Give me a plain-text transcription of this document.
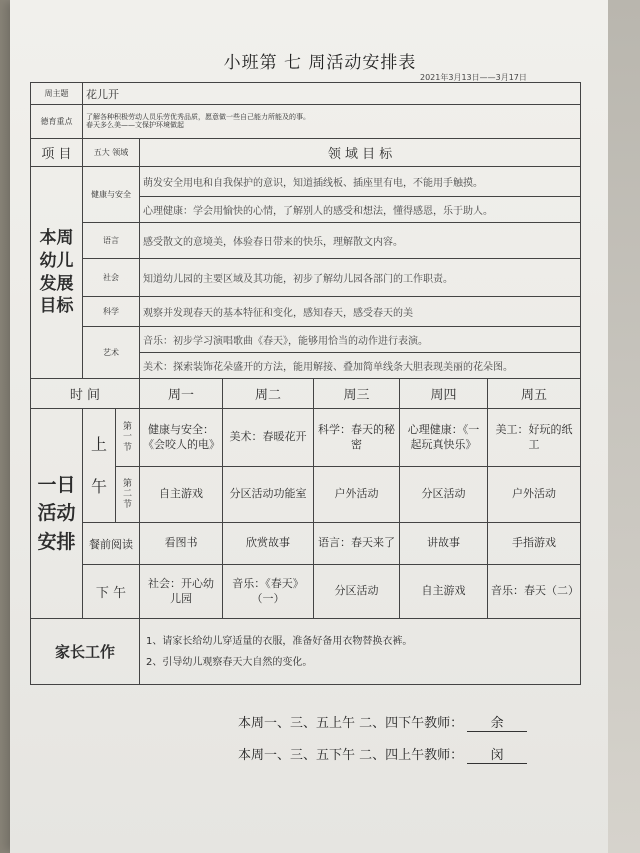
小班第 七 周活动安排表
2021年3月13日——3月17日
周主题	花儿开						
德育重点	了解各种积极劳动人员乐劳优秀品质，愿意做一些自己能力所能及的事。
春天多么美——文保护环境做起						

项 目	五大 领域		领 域 目 标				
本周幼儿发展目标	健康与安全		萌发安全用电和自我保护的意识，知道插线板、插座里有电，不能用手触摸。				
			心理健康：学会用愉快的心情，了解别人的感受和想法，懂得感恩，乐于助人。				
	语言		感受散文的意境美，体验春日带来的快乐，理解散文内容。				
	社会		知道幼儿园的主要区域及其功能，初步了解幼儿园各部门的工作职责。				
	科学		观察并发现春天的基本特征和变化，感知春天，感受春天的美				
	艺术		音乐：初步学习演唱歌曲《春天》，能够用恰当的动作进行表演。				
			美术：探索装饰花朵盛开的方法，能用解接、叠加简单线条大胆表现美丽的花朵图。				
时 间			周一	周二	周三	周四	周五
一日活动安排	上
午	第一节	健康与安全：《会咬人的电》	美术：春暖花开	科学：春天的秘密	心理健康：《一起玩真快乐》	美工：好玩的纸工
		第二节	自主游戏	分区活动功能室	户外活动	分区活动	户外活动
	餐前阅读		看图书	欣赏故事	语言：春天来了	讲故事	手指游戏
	下 午		社会：开心幼儿园	音乐：《春天》（一）	分区活动	自主游戏	音乐：春天（二）
家长工作			1、请家长给幼儿穿适量的衣服，准备好备用衣物替换衣裤。
2、引导幼儿观察春天大自然的变化。				
本周一、三、五上午 二、四下午教师： 余
本周一、三、五下午 二、四上午教师： 闵
